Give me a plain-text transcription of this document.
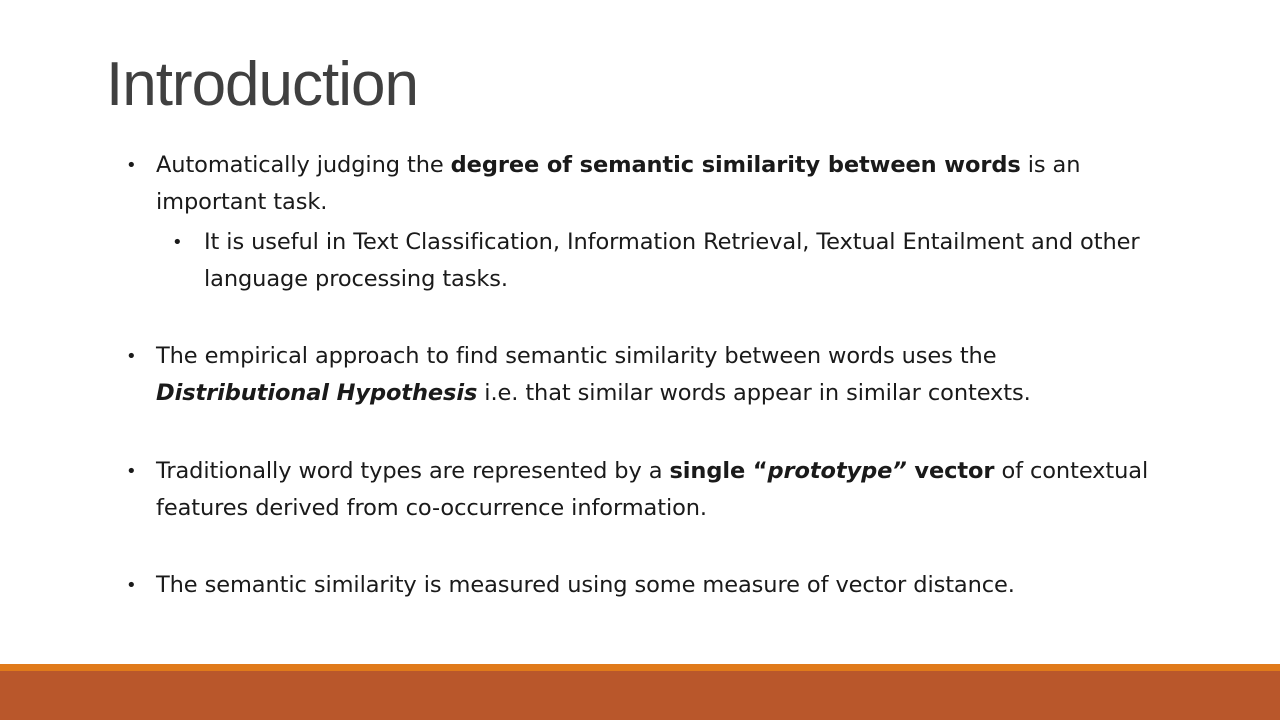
Introduction
• Automatically judging the degree of semantic similarity between words is an important task.
• It is useful in Text Classification, Information Retrieval, Textual Entailment and other language processing tasks.
• The empirical approach to find semantic similarity between words uses the Distributional Hypothesis i.e. that similar words appear in similar contexts.
• Traditionally word types are represented by a single “prototype” vector of contextual features derived from co-occurrence information.
• The semantic similarity is measured using some measure of vector distance.
